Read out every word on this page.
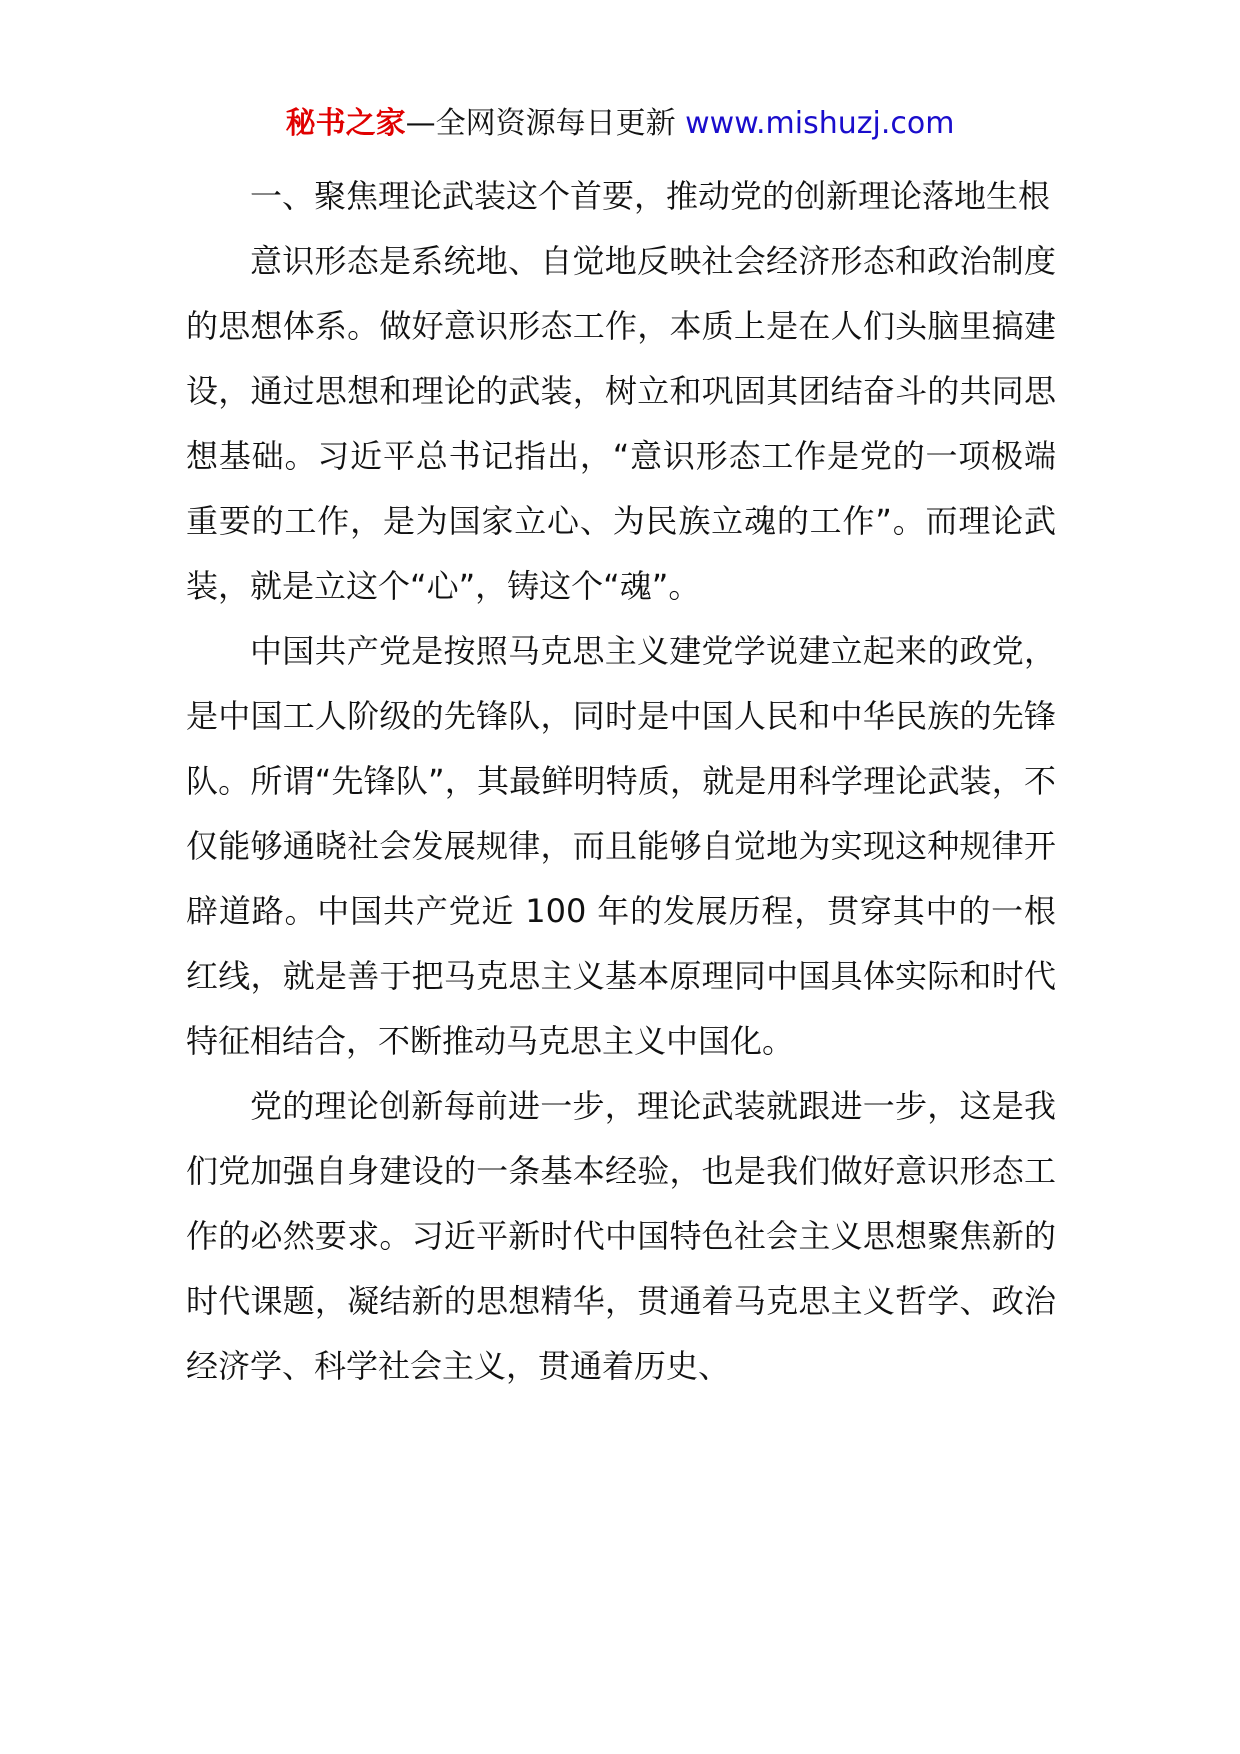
秘书之家—全网资源每日更新 www.mishuzj.com

一、聚焦理论武装这个首要，推动党的创新理论落地生根

意识形态是系统地、自觉地反映社会经济形态和政治制度的思想体系。做好意识形态工作，本质上是在人们头脑里搞建设，通过思想和理论的武装，树立和巩固其团结奋斗的共同思想基础。习近平总书记指出，“意识形态工作是党的一项极端重要的工作，是为国家立心、为民族立魂的工作”。而理论武装，就是立这个“心”，铸这个“魂”。

中国共产党是按照马克思主义建党学说建立起来的政党，是中国工人阶级的先锋队，同时是中国人民和中华民族的先锋队。所谓“先锋队”，其最鲜明特质，就是用科学理论武装，不仅能够通晓社会发展规律，而且能够自觉地为实现这种规律开辟道路。中国共产党近 100 年的发展历程，贯穿其中的一根红线，就是善于把马克思主义基本原理同中国具体实际和时代特征相结合，不断推动马克思主义中国化。

党的理论创新每前进一步，理论武装就跟进一步，这是我们党加强自身建设的一条基本经验，也是我们做好意识形态工作的必然要求。习近平新时代中国特色社会主义思想聚焦新的时代课题，凝结新的思想精华，贯通着马克思主义哲学、政治经济学、科学社会主义，贯通着历史、
